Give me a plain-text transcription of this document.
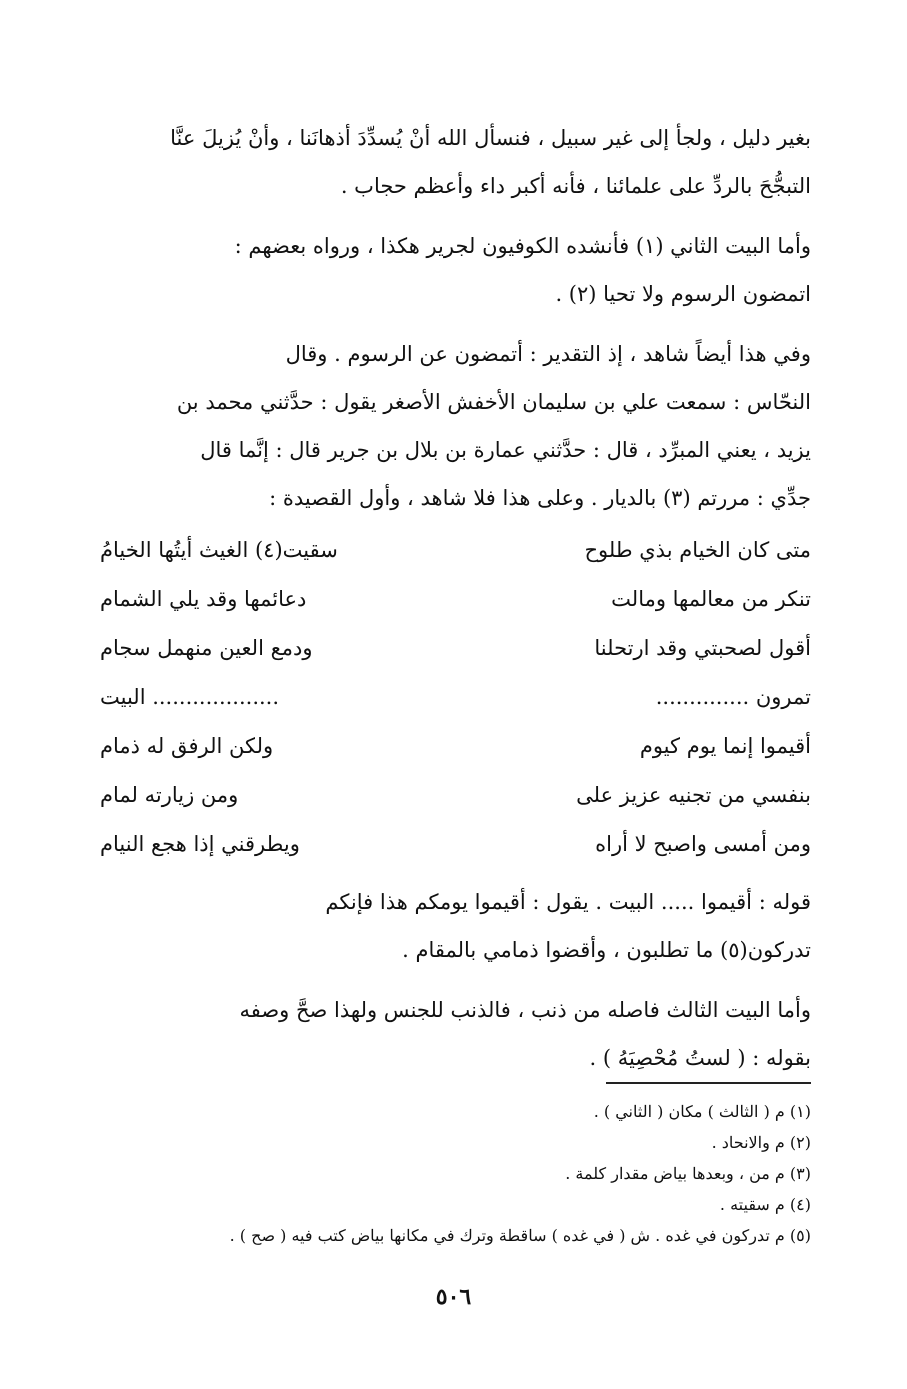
بغير دليل ، ولجأ إلى غير سبيل ، فنسأل الله أنْ يُسدِّدَ أذهانَنا ، وأنْ يُزيلَ عنَّا
التبجُّحَ بالردِّ على علمائنا ، فأنه أكبر داء وأعظم حجاب .
وأما البيت الثاني (١) فأنشده الكوفيون لجرير هكذا ، ورواه بعضهم :
اتمضون الرسوم ولا تحيا (٢) .
وفي هذا أيضاً شاهد ، إذ التقدير : أتمضون عن الرسوم . وقال
النحّاس : سمعت علي بن سليمان الأخفش الأصغر يقول : حدَّثني محمد بن
يزيد ، يعني المبرِّد ، قال : حدَّثني عمارة بن بلال بن جرير قال : إنَّما قال
جدِّي : مررتم (٣) بالديار . وعلى هذا فلا شاهد ، وأول القصيدة :
متى كان الخيام بذي طلوح
سقيت(٤) الغيث أيتُها الخيامُ
تنكر من معالمها ومالت
دعائمها وقد يلي الشمام
أقول لصحبتي وقد ارتحلنا
ودمع العين منهمل سجام
تمرون ..............
................... البيت
أقيموا إنما يوم كيوم
ولكن الرفق له ذمام
بنفسي من تجنيه عزيز على
ومن زيارته لمام
ومن أمسى واصبح لا أراه
ويطرقني إذا هجع النيام
قوله : أقيموا ..... البيت . يقول : أقيموا يومكم هذا فإنكم
تدركون(٥) ما تطلبون ، وأقضوا ذمامي بالمقام .
وأما البيت الثالث فاصله من ذنب ، فالذنب للجنس ولهذا صحَّ وصفه
بقوله : ( لستُ مُحْصِيَهُ ) .
(١) م ( الثالث ) مكان ( الثاني ) .
(٢) م والانحاد .
(٣) م من ، وبعدها بياض مقدار كلمة .
(٤) م سقيته .
(٥) م تدركون في غده . ش ( في غده ) ساقطة وترك في مكانها بياض كتب فيه ( صح ) .
٥٠٦
